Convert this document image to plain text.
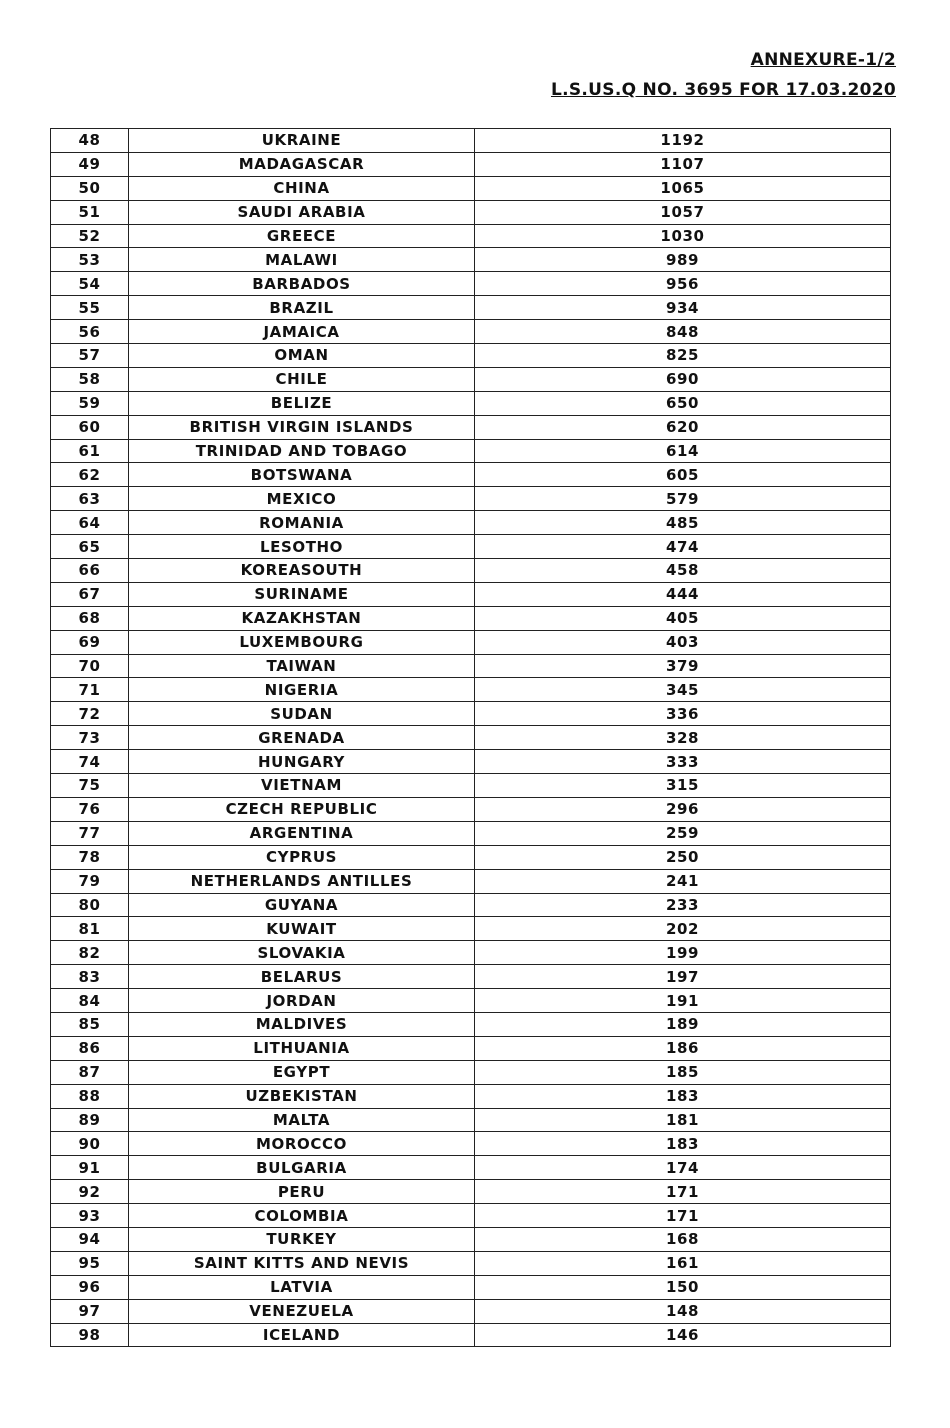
ANNEXURE-1/2
L.S.US.Q NO. 3695 FOR 17.03.2020
48	UKRAINE	1192
49	MADAGASCAR	1107
50	CHINA	1065
51	SAUDI ARABIA	1057
52	GREECE	1030
53	MALAWI	989
54	BARBADOS	956
55	BRAZIL	934
56	JAMAICA	848
57	OMAN	825
58	CHILE	690
59	BELIZE	650
60	BRITISH VIRGIN ISLANDS	620
61	TRINIDAD AND TOBAGO	614
62	BOTSWANA	605
63	MEXICO	579
64	ROMANIA	485
65	LESOTHO	474
66	KOREASOUTH	458
67	SURINAME	444
68	KAZAKHSTAN	405
69	LUXEMBOURG	403
70	TAIWAN	379
71	NIGERIA	345
72	SUDAN	336
73	GRENADA	328
74	HUNGARY	333
75	VIETNAM	315
76	CZECH REPUBLIC	296
77	ARGENTINA	259
78	CYPRUS	250
79	NETHERLANDS ANTILLES	241
80	GUYANA	233
81	KUWAIT	202
82	SLOVAKIA	199
83	BELARUS	197
84	JORDAN	191
85	MALDIVES	189
86	LITHUANIA	186
87	EGYPT	185
88	UZBEKISTAN	183
89	MALTA	181
90	MOROCCO	183
91	BULGARIA	174
92	PERU	171
93	COLOMBIA	171
94	TURKEY	168
95	SAINT KITTS AND NEVIS	161
96	LATVIA	150
97	VENEZUELA	148
98	ICELAND	146
